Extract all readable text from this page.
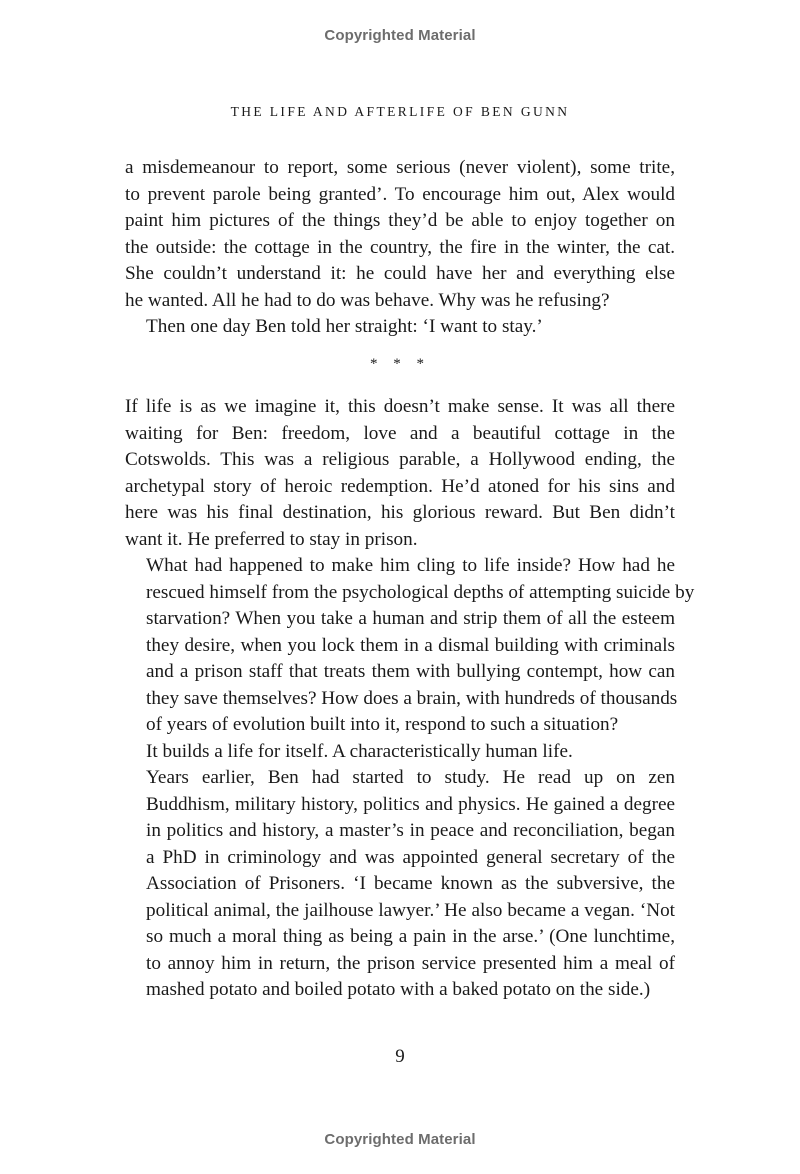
Copyrighted Material
THE LIFE AND AFTERLIFE OF BEN GUNN

a misdemeanour to report, some serious (never violent), some trite,
to prevent parole being granted’. To encourage him out, Alex would
paint him pictures of the things they’d be able to enjoy together on
the outside: the cottage in the country, the fire in the winter, the cat.
She couldn’t understand it: he could have her and everything else
he wanted. All he had to do was behave. Why was he refusing?

Then one day Ben told her straight: ‘I want to stay.’

* * *

If life is as we imagine it, this doesn’t make sense. It was all there
waiting for Ben: freedom, love and a beautiful cottage in the
Cotswolds. This was a religious parable, a Hollywood ending, the
archetypal story of heroic redemption. He’d atoned for his sins and
here was his final destination, his glorious reward. But Ben didn’t
want it. He preferred to stay in prison.

What had happened to make him cling to life inside? How had he
rescued himself from the psychological depths of attempting suicide by
starvation? When you take a human and strip them of all the esteem
they desire, when you lock them in a dismal building with criminals
and a prison staff that treats them with bullying contempt, how can
they save themselves? How does a brain, with hundreds of thousands
of years of evolution built into it, respond to such a situation?

It builds a life for itself. A characteristically human life.

Years earlier, Ben had started to study. He read up on zen
Buddhism, military history, politics and physics. He gained a degree
in politics and history, a master’s in peace and reconciliation, began
a PhD in criminology and was appointed general secretary of the
Association of Prisoners. ‘I became known as the subversive, the
political animal, the jailhouse lawyer.’ He also became a vegan. ‘Not
so much a moral thing as being a pain in the arse.’ (One lunchtime,
to annoy him in return, the prison service presented him a meal of
mashed potato and boiled potato with a baked potato on the side.)

9
Copyrighted Material
